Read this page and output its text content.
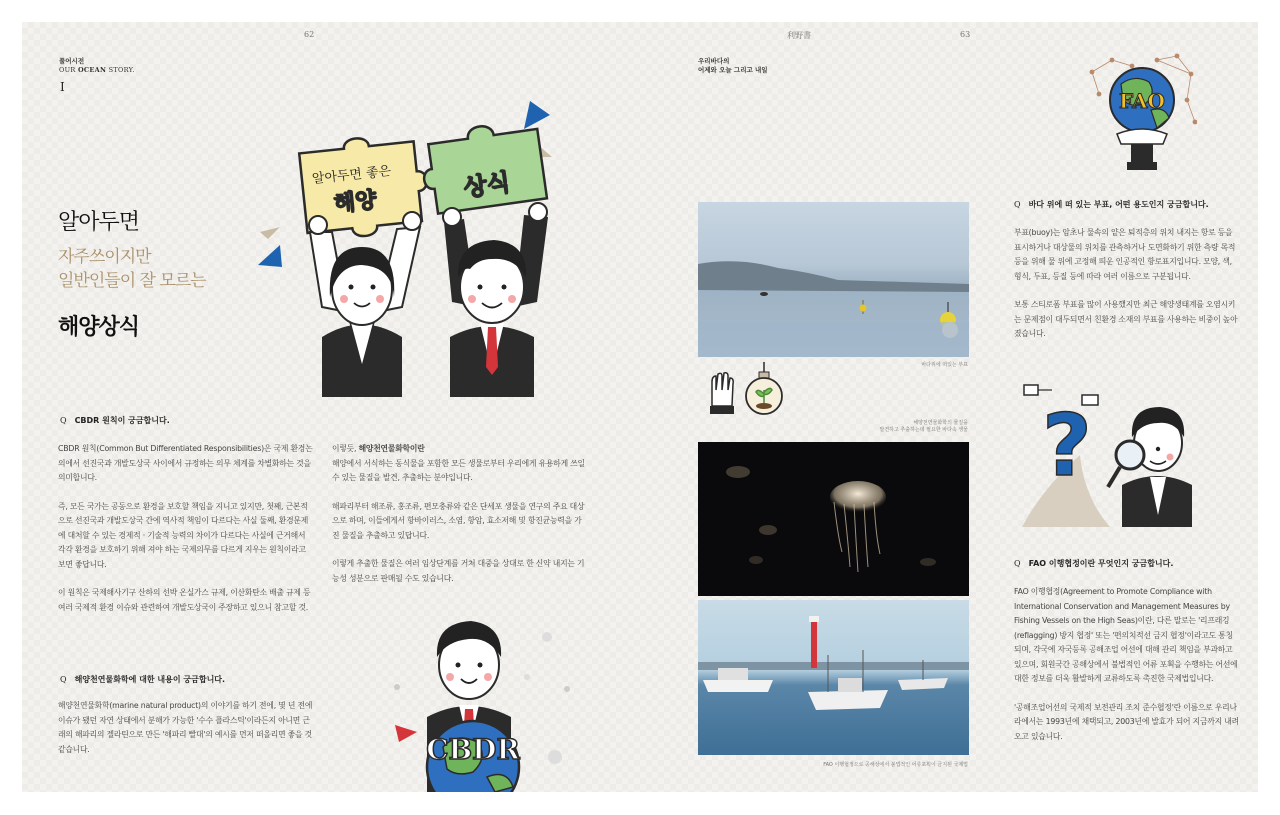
62
풀어시전
OUR OCEAN STORY.
I
알아두면
자주쓰이지만
일반인들이 잘 모르는
해양상식
알아두면 좋은
해양
상식
Q CBDR 원칙이 궁금합니다.

CBDR 원칙(Common But Differentiated Responsibilities)은 국제 환경논의에서 선진국과 개발도상국 사이에서 규정하는 의무 체계를 차별화하는 것을 의미합니다.

즉, 모든 국가는 공동으로 환경을 보호할 책임을 지니고 있지만, 첫째, 근본적으로 선진국과 개발도상국 간에 역사적 책임이 다르다는 사실 둘째, 환경문제에 대처할 수 있는 경제적 · 기술적 능력의 차이가 다르다는 사실에 근거해서 각각 환경을 보호하기 위해 져야 하는 국제의무를 다르게 지우는 원칙이라고 보면 좋답니다.

이 원칙은 국제해사기구 산하의 선박 온실가스 규제, 이산화탄소 배출 규제 등 여러 국제적 환경 이슈와 관련하여 개발도상국이 주장하고 있으니 참고할 것.

Q 해양천연물화학에 대한 내용이 궁금합니다.

해양천연물화학(marine natural product)의 이야기를 하기 전에, 몇 년 전에 이슈가 됐던 자연 상태에서 분해가 가능한 '수수 플라스틱'이라든지 아니면 근래의 해파리의 젤라틴으로 만든 '해파리 빨대'의 예시를 먼저 떠올리면 좋을 것 같습니다.

이렇듯, 해양천연물화학이란
해양에서 서식하는 동식물을 포함한 모든 생물로부터 우리에게 유용하게 쓰일 수 있는 물질을 발견, 추출하는 분야입니다.

해파리부터 해조류, 홍조류, 편모충류와 같은 단세포 생물을 연구의 주요 대상으로 하며, 이들에게서 항바이러스, 소염, 항암, 효소저해 및 항진균능력을 가진 물질을 추출하고 있답니다.

이렇게 추출한 물질은 여러 임상단계를 거쳐 대중을 상대로 한 신약 내지는 기능성 성분으로 판매될 수도 있습니다.

CBDR
利野書	63
우리바다의
어제와 오늘 그리고 내일
바다위에 떠있는 부표
해양천연물화학의 물질을
발견하고 추출하는데 필요한 바다속 생물
FAO 이행협정으로 공해상에서 불법적인 어류포획이 금지된 국제법
FAO
Q 바다 위에 떠 있는 부표, 어떤 용도인지 궁금합니다.

부표(buoy)는 암초나 물속의 얕은 퇴적층의 위치 내지는 항로 등을 표시하거나 대상물의 위치를 관측하거나 도면화하기 위한 측량 목적 등을 위해 물 위에 고정해 띄운 인공적인 항로표지입니다. 모양, 색, 형식, 두표, 등질 등에 따라 여러 이름으로 구분됩니다.

보통 스티로폼 부표를 많이 사용했지만 최근 해양생태계를 오염시키는 문제점이 대두되면서 친환경 소재의 부표를 사용하는 비중이 높아졌습니다.

?
Q FAO 이행협정이란 무엇인지 궁금합니다.

FAO 이행협정(Agreement to Promote Compliance with International Conservation and Management Measures by Fishing Vessels on the High Seas)이란, 다른 말로는 '리프래깅(reflagging) 방지 협정' 또는 '편의치적선 금지 협정'이라고도 통칭되며, 각국에 자국등록 공해조업 어선에 대해 관리 책임을 부과하고 있으며, 회원국간 공해상에서 불법적인 어류 포획을 수행하는 어선에 대한 정보를 더욱 활발하게 교류하도록 촉진한 국제법입니다.

'공해조업어선의 국제적 보전관리 조치 준수협정'란 이름으로 우리나라에서는 1993년에 채택되고, 2003년에 발효가 되어 지금까지 내려오고 있습니다.
